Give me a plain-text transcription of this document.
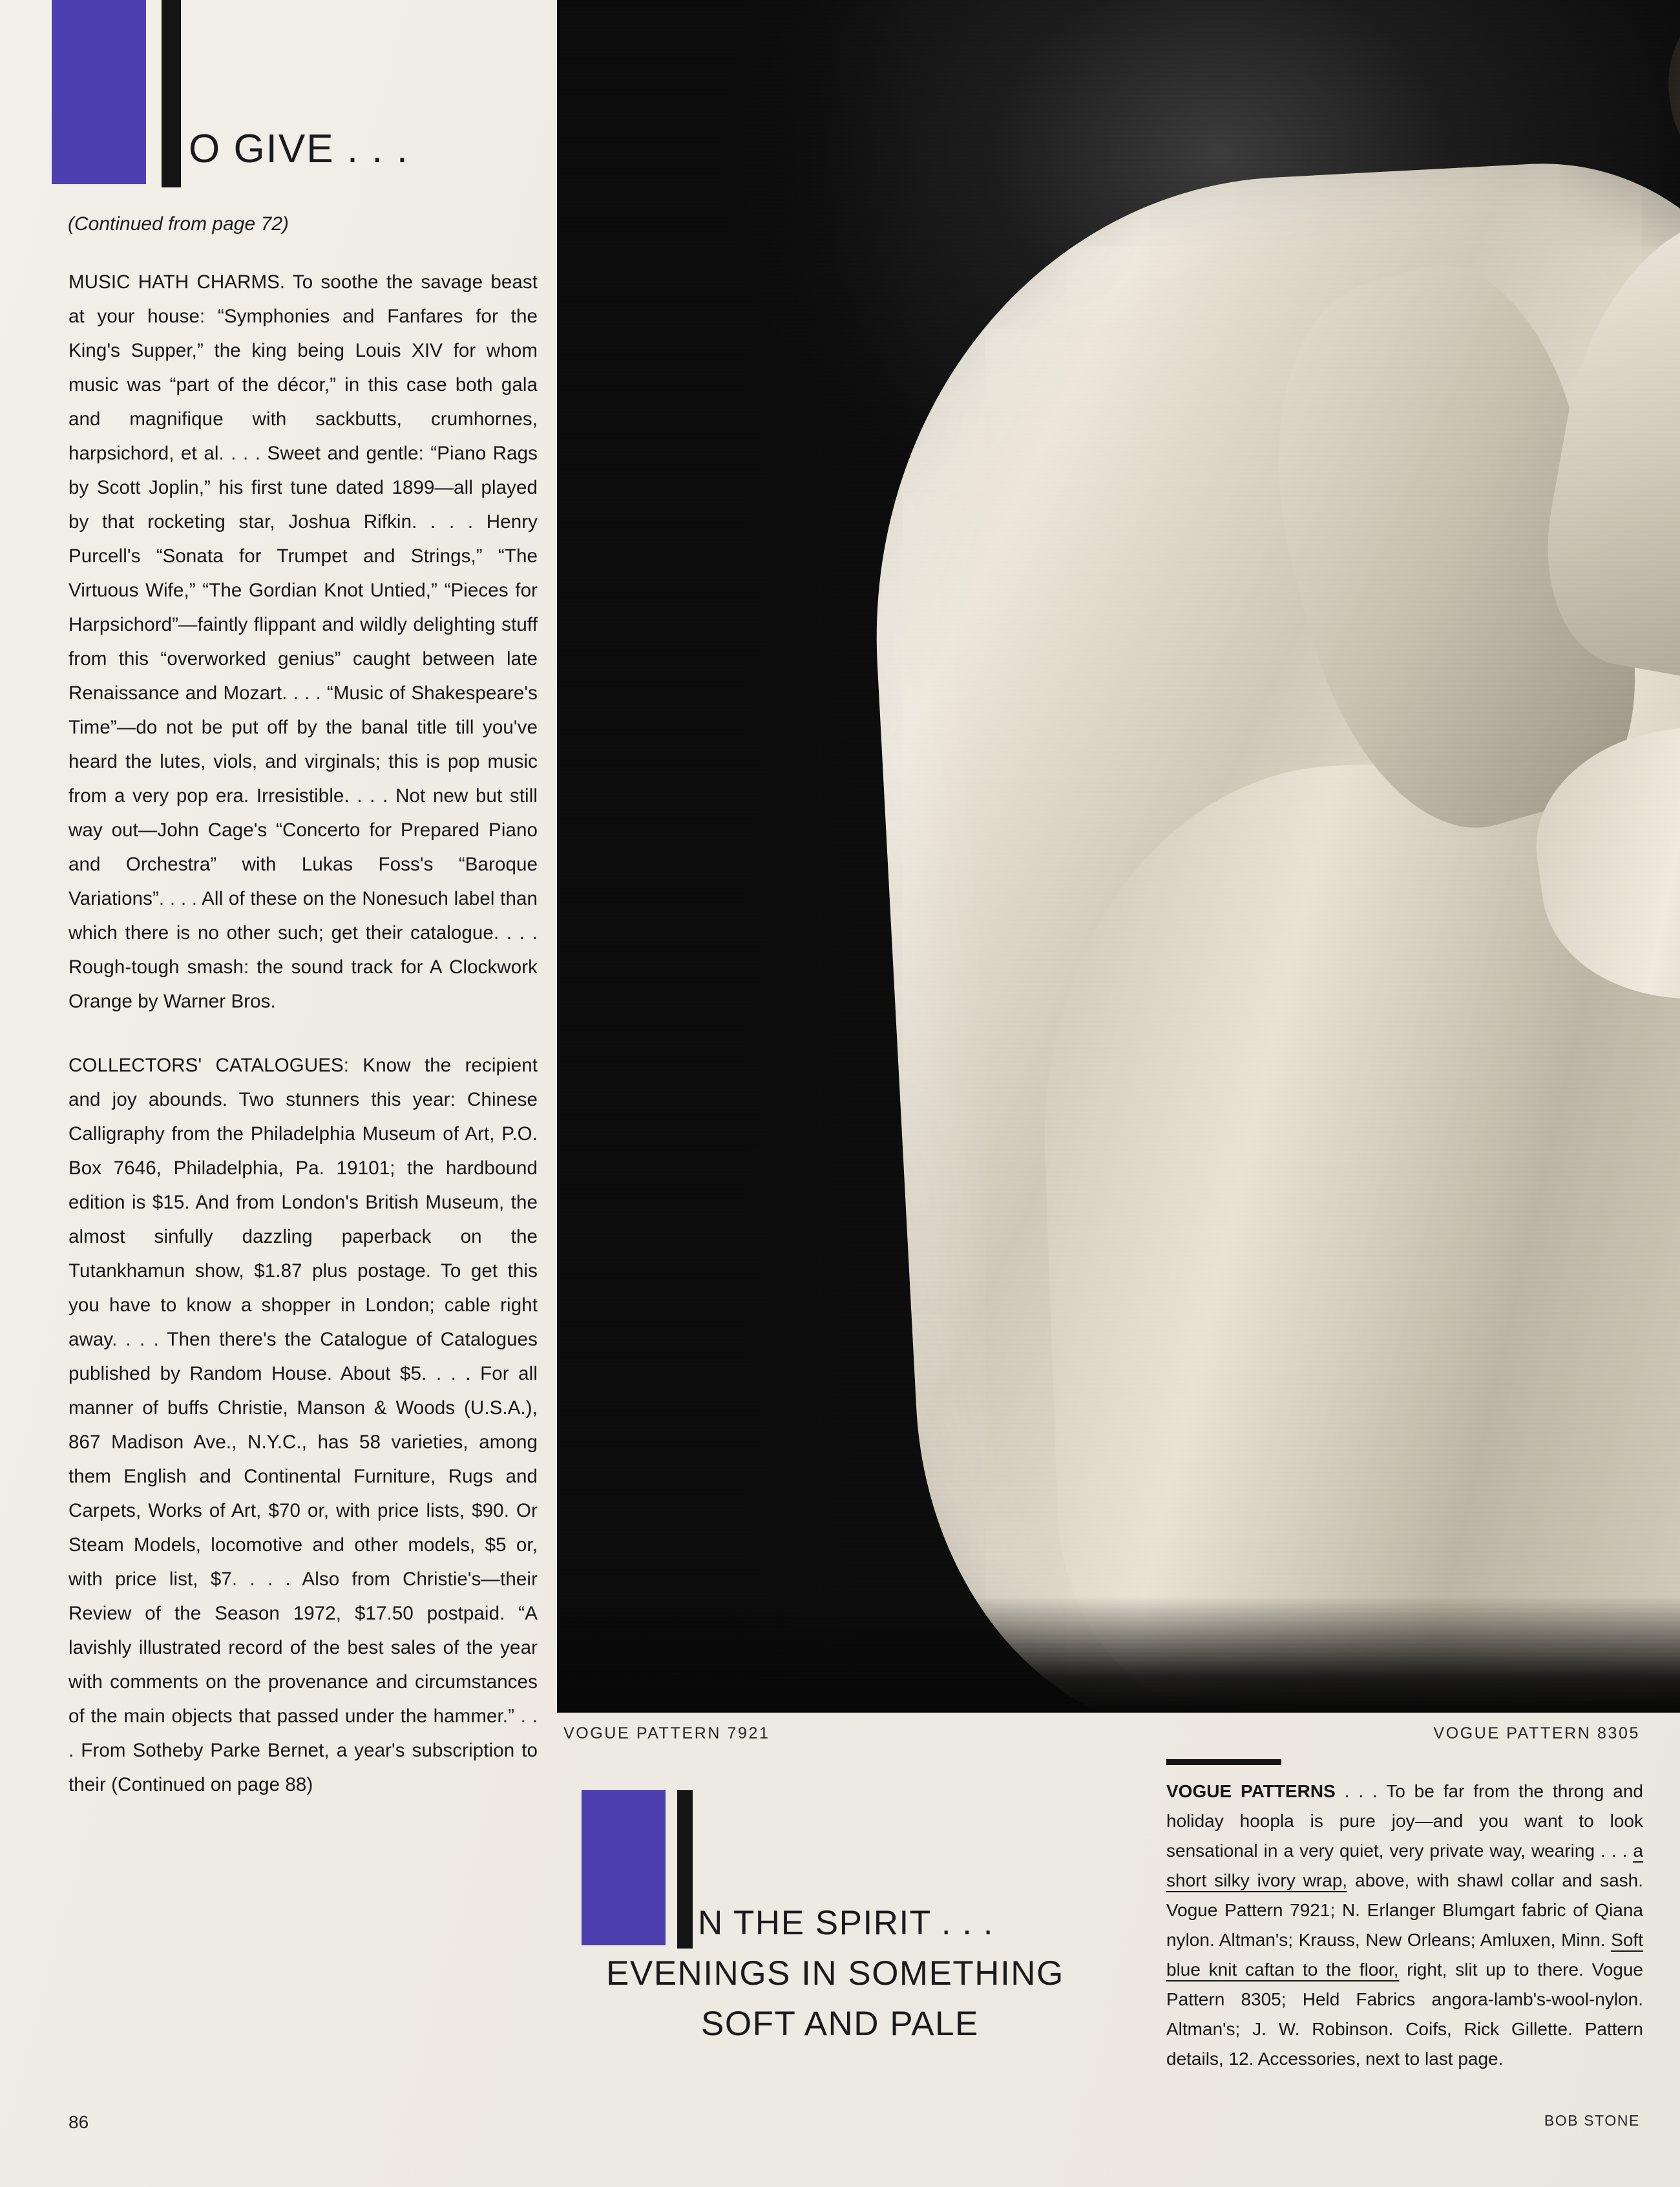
O GIVE . . .
(Continued from page 72)

MUSIC HATH CHARMS. To soothe the savage beast at your house: “Symphonies and Fanfares for the King's Supper,” the king being Louis XIV for whom music was “part of the décor,” in this case both gala and magnifique with sackbutts, crumhornes, harpsichord, et al. . . . Sweet and gentle: “Piano Rags by Scott Joplin,” his first tune dated 1899—all played by that rocketing star, Joshua Rifkin. . . . Henry Purcell's “Sonata for Trumpet and Strings,” “The Virtuous Wife,” “The Gordian Knot Untied,” “Pieces for Harpsichord”—faintly flippant and wildly delighting stuff from this “overworked genius” caught between late Renaissance and Mozart. . . . “Music of Shakespeare's Time”—do not be put off by the banal title till you've heard the lutes, viols, and virginals; this is pop music from a very pop era. Irresistible. . . . Not new but still way out—John Cage's “Concerto for Prepared Piano and Orchestra” with Lukas Foss's “Baroque Variations”. . . . All of these on the Nonesuch label than which there is no other such; get their catalogue. . . . Rough-tough smash: the sound track for A Clockwork Orange by Warner Bros.

COLLECTORS' CATALOGUES: Know the recipient and joy abounds. Two stunners this year: Chinese Calligraphy from the Philadelphia Museum of Art, P.O. Box 7646, Philadelphia, Pa. 19101; the hardbound edition is $15. And from London's British Museum, the almost sinfully dazzling paperback on the Tutankhamun show, $1.87 plus postage. To get this you have to know a shopper in London; cable right away. . . . Then there's the Catalogue of Catalogues published by Random House. About $5. . . . For all manner of buffs Christie, Manson & Woods (U.S.A.), 867 Madison Ave., N.Y.C., has 58 varieties, among them English and Continental Furniture, Rugs and Carpets, Works of Art, $70 or, with price lists, $90. Or Steam Models, locomotive and other models, $5 or, with price list, $7. . . . Also from Christie's—their Review of the Season 1972, $17.50 postpaid. “A lavishly illustrated record of the best sales of the year with comments on the provenance and circumstances of the main objects that passed under the hammer.” . . . From Sotheby Parke Bernet, a year's subscription to their (Continued on page 88)

86
VOGUE PATTERN 7921	VOGUE PATTERN 8305
N THE SPIRIT . . .
EVENINGS IN SOMETHING
SOFT AND PALE
VOGUE PATTERNS . . . To be far from the throng and holiday hoopla is pure joy—and you want to look sensational in a very quiet, very private way, wearing . . . a short silky ivory wrap, above, with shawl collar and sash. Vogue Pattern 7921; N. Erlanger Blumgart fabric of Qiana nylon. Altman's; Krauss, New Orleans; Amluxen, Minn. Soft blue knit caftan to the floor, right, slit up to there. Vogue Pattern 8305; Held Fabrics angora-lamb's-wool-nylon. Altman's; J. W. Robinson. Coifs, Rick Gillette. Pattern details, 12. Accessories, next to last page.
BOB STONE
